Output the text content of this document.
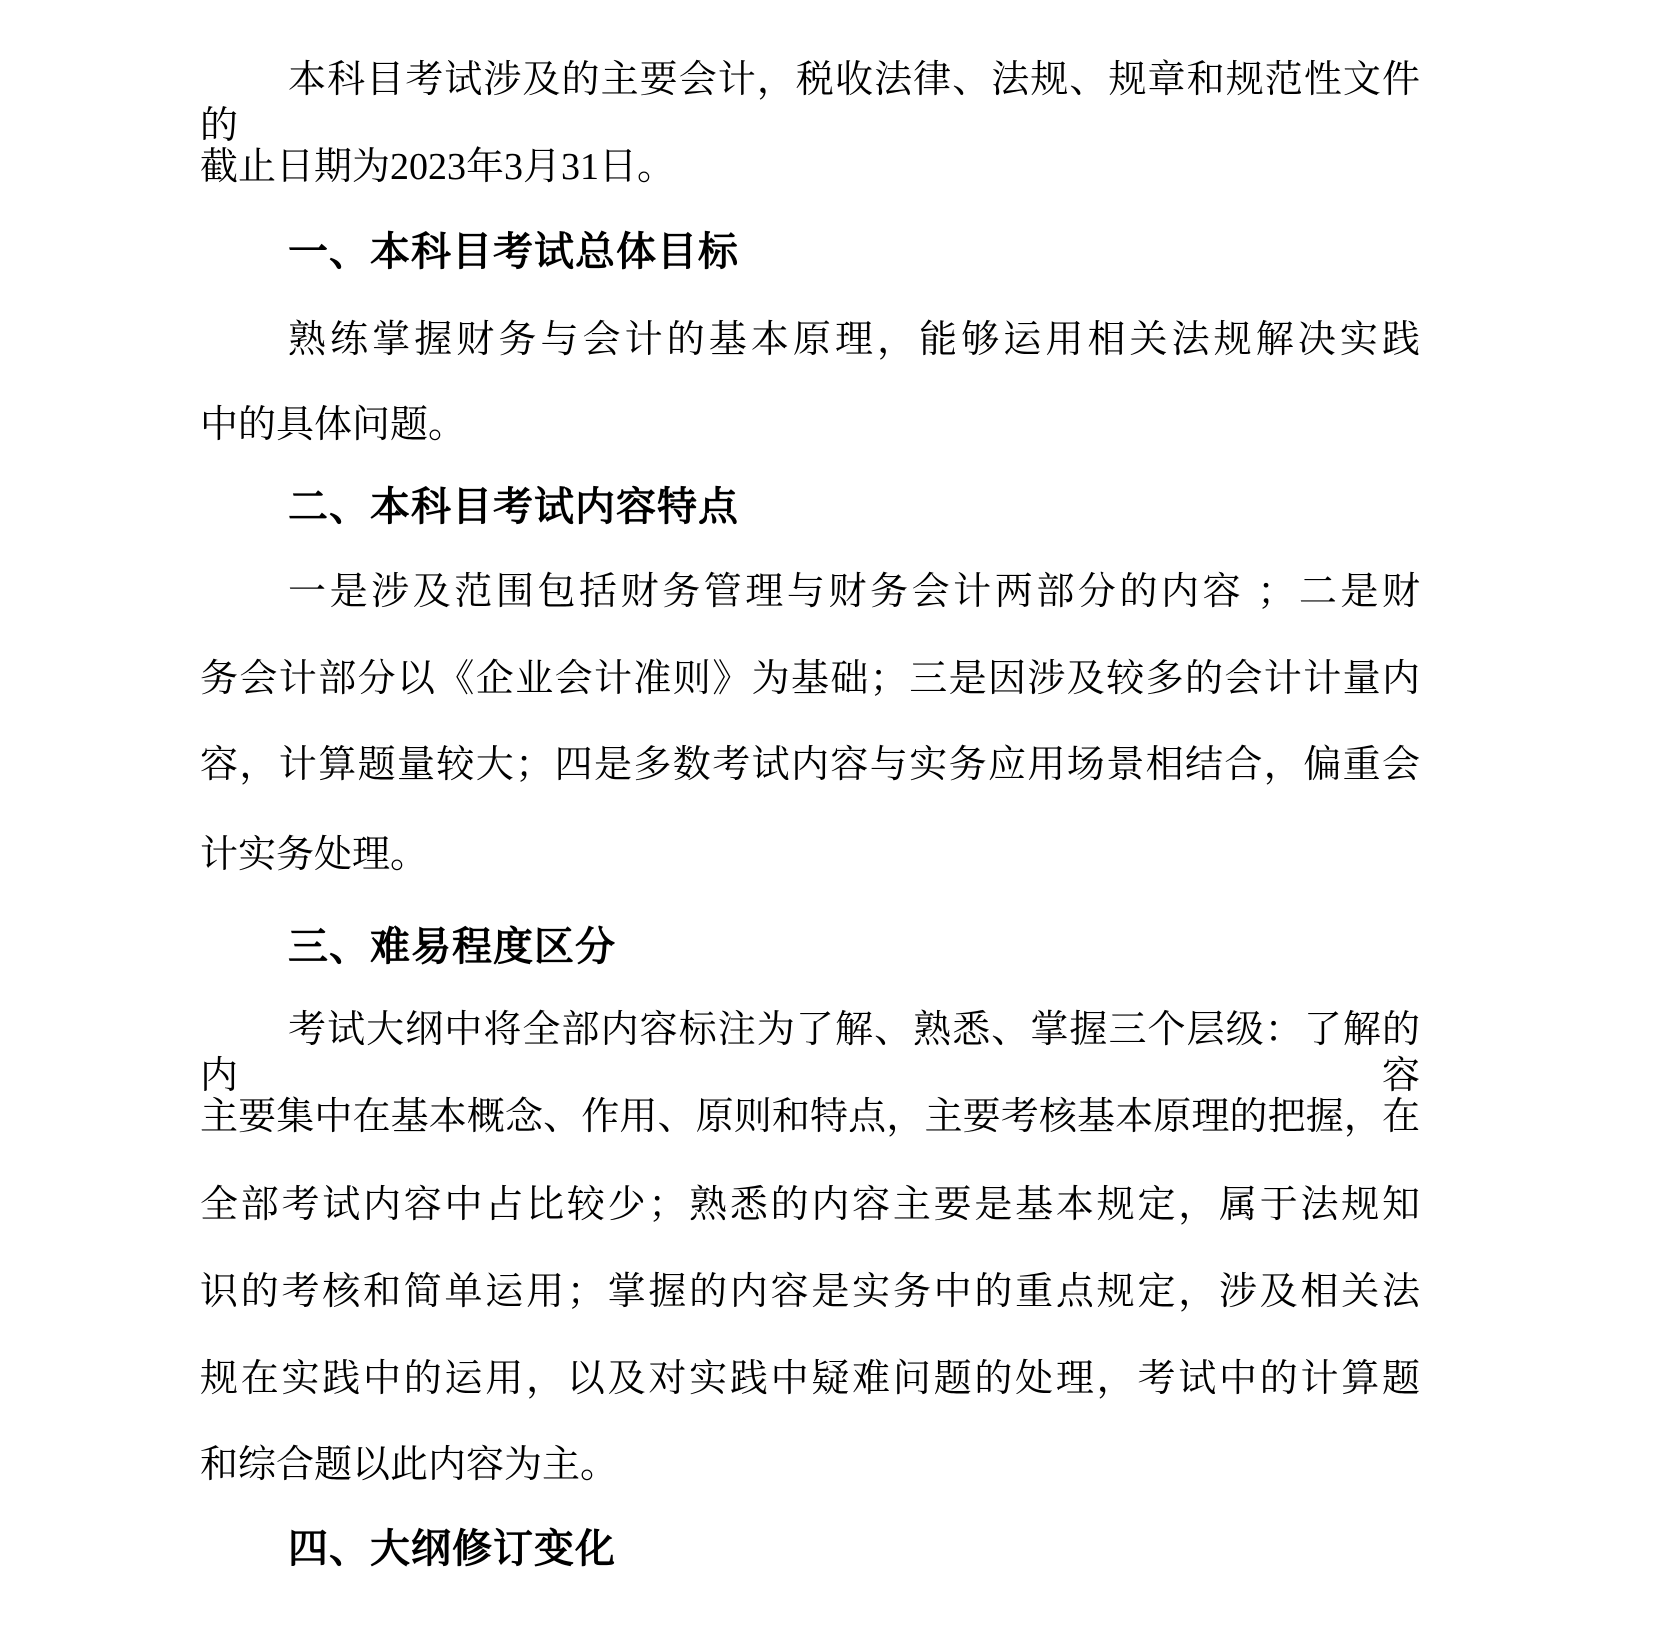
本科目考试涉及的主要会计，税收法律、法规、规章和规范性文件的
截止日期为2023年3月31日。
一、本科目考试总体目标
熟练掌握财务与会计的基本原理，能够运用相关法规解决实践
中的具体问题。
二、本科目考试内容特点
一是涉及范围包括财务管理与财务会计两部分的内容 ；二是财
务会计部分以《企业会计准则》为基础；三是因涉及较多的会计计量内
容，计算题量较大；四是多数考试内容与实务应用场景相结合，偏重会
计实务处理。
三、难易程度区分
考试大纲中将全部内容标注为了解、熟悉、掌握三个层级：了解的内容
主要集中在基本概念、作用、原则和特点，主要考核基本原理的把握，在
全部考试内容中占比较少；熟悉的内容主要是基本规定，属于法规知
识的考核和简单运用；掌握的内容是实务中的重点规定，涉及相关法
规在实践中的运用，以及对实践中疑难问题的处理，考试中的计算题
和综合题以此内容为主。
四、大纲修订变化
